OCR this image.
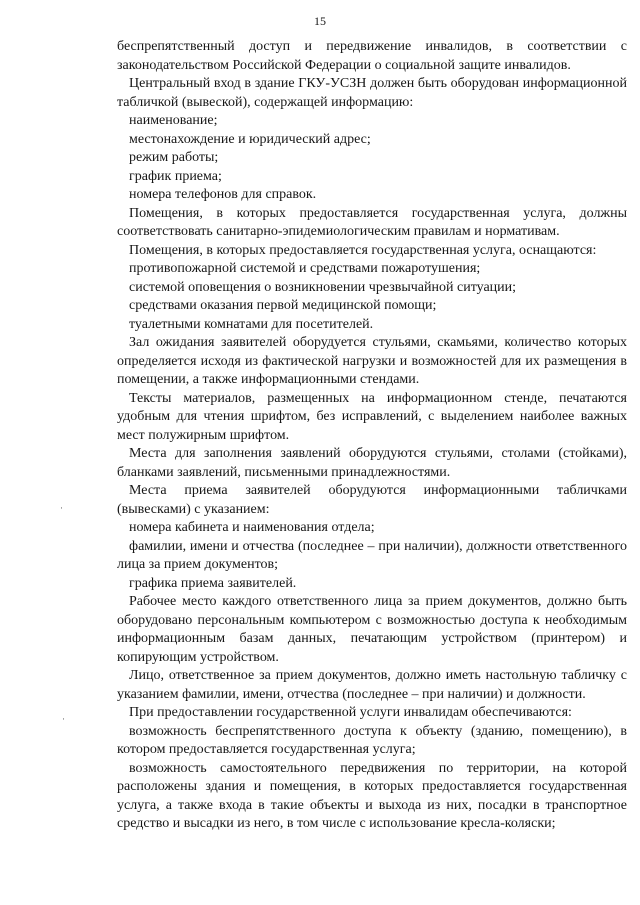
15
·
·

беспрепятственный доступ и передвижение инвалидов, в соответствии с законодательством Российской Федерации о социальной защите инвалидов.

Центральный вход в здание ГКУ-УСЗН должен быть оборудован информационной табличкой (вывеской), содержащей информацию:

наименование;

местонахождение и юридический адрес;

режим работы;

график приема;

номера телефонов для справок.

Помещения, в которых предоставляется государственная услуга, должны соответствовать санитарно-эпидемиологическим правилам и нормативам.

Помещения, в которых предоставляется государственная услуга, оснащаются:

противопожарной системой и средствами пожаротушения;

системой оповещения о возникновении чрезвычайной ситуации;

средствами оказания первой медицинской помощи;

туалетными комнатами для посетителей.

Зал ожидания заявителей оборудуется стульями, скамьями, количество которых определяется исходя из фактической нагрузки и возможностей для их размещения в помещении, а также информационными стендами.

Тексты материалов, размещенных на информационном стенде, печатаются удобным для чтения шрифтом, без исправлений, с выделением наиболее важных мест полужирным шрифтом.

Места для заполнения заявлений оборудуются стульями, столами (стойками), бланками заявлений, письменными принадлежностями.

Места приема заявителей оборудуются информационными табличками (вывесками) с указанием:

номера кабинета и наименования отдела;

фамилии, имени и отчества (последнее – при наличии), должности ответственного лица за прием документов;

графика приема заявителей.

Рабочее место каждого ответственного лица за прием документов, должно быть оборудовано персональным компьютером с возможностью доступа к необходимым информационным базам данных, печатающим устройством (принтером) и копирующим устройством.

Лицо, ответственное за прием документов, должно иметь настольную табличку с указанием фамилии, имени, отчества (последнее – при наличии) и должности.

При предоставлении государственной услуги инвалидам обеспечиваются:

возможность беспрепятственного доступа к объекту (зданию, помещению), в котором предоставляется государственная услуга;

возможность самостоятельного передвижения по территории, на которой расположены здания и помещения, в которых предоставляется государственная услуга, а также входа в такие объекты и выхода из них, посадки в транспортное средство и высадки из него, в том числе с использование кресла-коляски;
